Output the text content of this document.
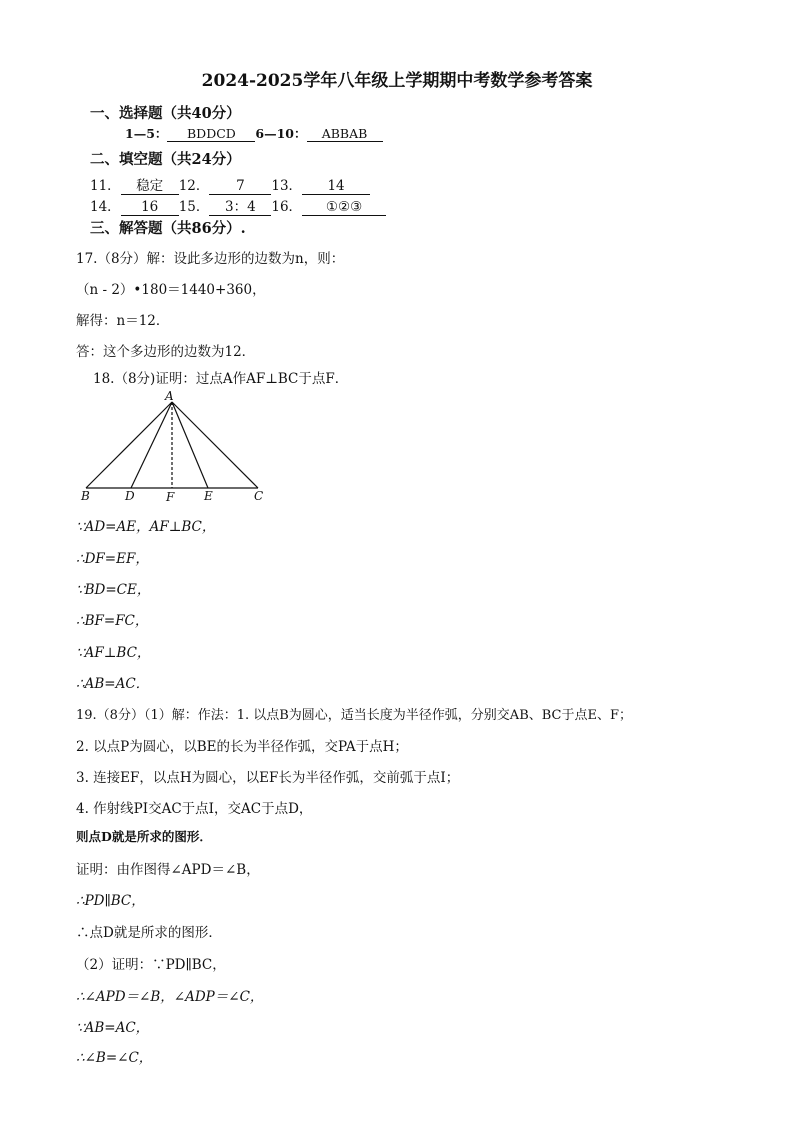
2024-2025学年八年级上学期期中考数学参考答案
一、选择题（共40分）
1—5： BDDCD 6—10： ABBAB
二、填空题（共24分）
11． 稳定 12． 7 13． 14
14． 16 15． 3：4 16． ①②③
三、解答题（共86分）.
17.（8分）解：设此多边形的边数为n，则：
（n - 2）•180＝1440+360，
解得：n＝12．
答：这个多边形的边数为12．
18.（8分)证明：过点A作AF⊥BC于点F．
A
B	D	F E	C
∵AD=AE，AF⊥BC，
∴DF=EF，
∵BD=CE，
∴BF=FC，
∵AF⊥BC，
∴AB=AC．
19.（8分）（1）解：作法：1. 以点B为圆心，适当长度为半径作弧，分别交AB、BC于点E、F；
2. 以点P为圆心，以BE的长为半径作弧，交PA于点H；
3. 连接EF，以点H为圆心，以EF长为半径作弧，交前弧于点I；
4. 作射线PI交AC于点I，交AC于点D，
则点D就是所求的图形．
证明：由作图得∠APD＝∠B，
∴PD∥BC，
∴点D就是所求的图形．
（2）证明：∵PD∥BC，
∴∠APD＝∠B，∠ADP＝∠C，
∵AB=AC，
∴∠B=∠C，
